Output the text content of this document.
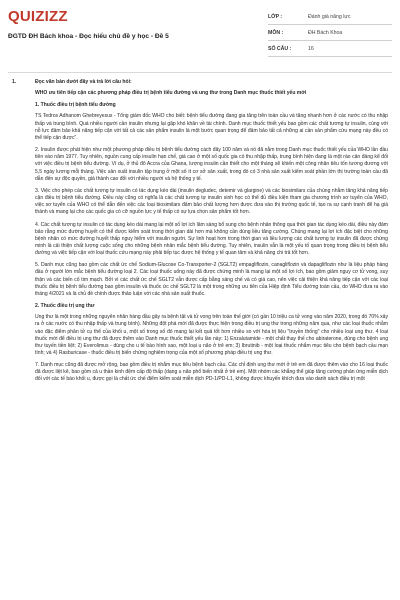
QUIZIZZ
ĐGTD ĐH Bách khoa - Đọc hiểu chủ đề y học - Đề 5
LỚP :	Đánh giá năng lực
MÔN :	ĐH Bách Khoa
SỐ CÂU :	16
1.	Đọc văn bản dưới đây và trả lời câu hỏi:
WHO ưu tiên tiếp cận các phương pháp điều trị bệnh tiểu đường và ung thư trong Danh mục thuốc thiết yếu mới
1. Thuốc điều trị bệnh tiểu đường

TS Tedros Adhanom Ghebreyesus - Tổng giám đốc WHO cho biết: bệnh tiểu đường đang gia tăng trên toàn cầu và tăng nhanh hơn ở các nước có thu nhập thấp và trung bình. Quá nhiều người cần insulin nhưng lại gặp khó khăn về tài chính. Danh mục thuốc thiết yếu bao gồm các chất tương tự insulin, cùng với nỗ lực đảm bảo khả năng tiếp cận với tất cả các sản phẩm insulin là một bước quan trọng để đảm bảo tất cả những ai cần sản phẩm cứu mạng này đều có thể tiếp cận được”.

2. Insulin được phát hiện như một phương pháp điều trị bệnh tiểu đường cách đây 100 năm và nó đã nằm trong Danh mục thuốc thiết yếu của WHO lần đầu tiên vào năm 1977. Tuy nhiên, nguồn cung cấp insulin hạn chế, giá cao ở một số quốc gia có thu nhập thấp, trung bình hiện đang là một rào cản đáng kể đối với việc điều trị bệnh tiểu đường. Ví dụ, ở thủ đô Accra của Ghana, lượng insulin cần thiết cho một tháng sẽ khiến một công nhân tiêu tốn tương đương với 5,5 ngày lương mỗi tháng. Việc sản xuất insulin tập trung ở một số ít cơ sở sản xuất, trong đó có 3 nhà sản xuất kiểm soát phần lớn thị trường toàn cầu đã dẫn đến sự độc quyền, giá thành cao đối với nhiều người và hệ thống y tế.

3. Việc cho phép các chất tương tự insulin có tác dụng kéo dài (insulin degludec, detemir và glargine) và các biosimilars của chúng nhằm tăng khả năng tiếp cận điều trị bệnh tiểu đường. Điều này cũng có nghĩa là các chất tương tự insulin sinh học có thể đủ điều kiện tham gia chương trình sơ tuyển của WHO, việc sơ tuyển của WHO có thể dẫn đến việc các loại biosimilars đảm bảo chất lượng hơn được đưa vào thị trường quốc tế, tạo ra sự cạnh tranh để hạ giá thành và mang lại cho các quốc gia có cỡ nguồn lực y tế thấp có sự lựa chọn sản phẩm tốt hơn.

4. Các chất tương tự insulin có tác dụng kéo dài mang lại một số lợi ích lâm sàng bổ sung cho bệnh nhân thông qua thời gian tác dụng kéo dài, điều này đảm bảo rằng mức đường huyết có thể được kiểm soát trong thời gian dài hơn mà không cần dùng liều tăng cường. Chúng mang lại lợi ích đặc biệt cho những bệnh nhân có mức đường huyết thấp nguy hiểm với insulin người. Sự linh hoạt hơn trong thời gian và liều lượng các chất tương tự insulin đã được chứng minh là cải thiện chất lượng cuộc sống cho những bệnh nhân mắc bệnh tiểu đường. Tuy nhiên, insulin vẫn là một yếu tố quan trọng trong điều trị bệnh tiểu đường và việc tiếp cận với loại thuốc cứu mạng này phải tiếp tục được hệ thống y tế quan tâm và khả năng chi trả tốt hơn.

5. Danh mục cũng bao gồm các chất ức chế Sodium-Glucose Co-Transporter-2 (SGLT2) empagliflozin, canagliflozin và dapagliflozin như là liệu pháp hàng đầu ở người lớn mắc bệnh tiểu đường loại 2. Các loại thuốc uống này đã được chứng minh là mang lại một số lợi ích, bao gồm giảm nguy cơ tử vong, suy thận và các biến cố tim mạch. Bởi vì các chất ức chế SGLT2 vẫn được cấp bằng sáng chế và có giá cao, nên việc cải thiện khả năng tiếp cận với các loại thuốc điều trị bệnh tiểu đường bao gồm insulin và thuốc ức chế SGLT2 là một trong những ưu tiên của Hiệp định Tiểu đường toàn cầu, do WHO đưa ra vào tháng 4/2021 và là chủ đề chính được thảo luận với các nhà sản xuất thuốc.

2. Thuốc điều trị ung thư

Ung thư là một trong những nguyên nhân hàng đầu gây ra bệnh tật và tử vong trên toàn thế giới (có gần 10 triệu ca tử vong vào năm 2020, trong đó 70% xảy ra ở các nước có thu nhập thấp và trung bình). Những đột phá mới đã được thực hiện trong điều trị ung thư trong những năm qua, như các loại thuốc nhằm vào đặc điểm phân tử cụ thể của khối u, một số trong số đó mang lại kết quả tốt hơn nhiều so với hóa trị liệu "truyền thống" cho nhiều loại ung thư. 4 loại thuốc mới để điều trị ung thư đã được thêm vào Danh mục thuốc thiết yếu lần này: 1) Enzalutamide - một chất thay thế cho abiraterone, dùng cho bệnh ung thư tuyến tiền liệt; 2) Everolimus - dùng cho u tế bào hình sao, một loại u não ở trẻ em; 3) Ibrutinib - một loại thuốc nhắm mục tiêu cho bệnh bạch cầu mạn tính; và 4) Rasburicase - thuốc điều trị biến chứng nghiêm trọng của một số phương pháp điều trị ung thư.

7. Danh mục cũng đã được mở rộng, bao gồm điều trị nhắm mục tiêu bệnh bạch cầu. Các chỉ định ung thư mới ở trẻ em đã được thêm vào cho 16 loại thuốc đã được liệt kê, bao gồm cả u thần kinh đệm cấp độ thấp (dạng u não phổ biến nhất ở trẻ em). Một nhóm các khẳng thể giúp tăng cường phản ứng miễn dịch đối với các tế bào khối u, được gọi là chất ức chế điểm kiểm soát miễn dịch PD-1/PD-L1, không được khuyến khích đưa vào danh sách điều trị một
